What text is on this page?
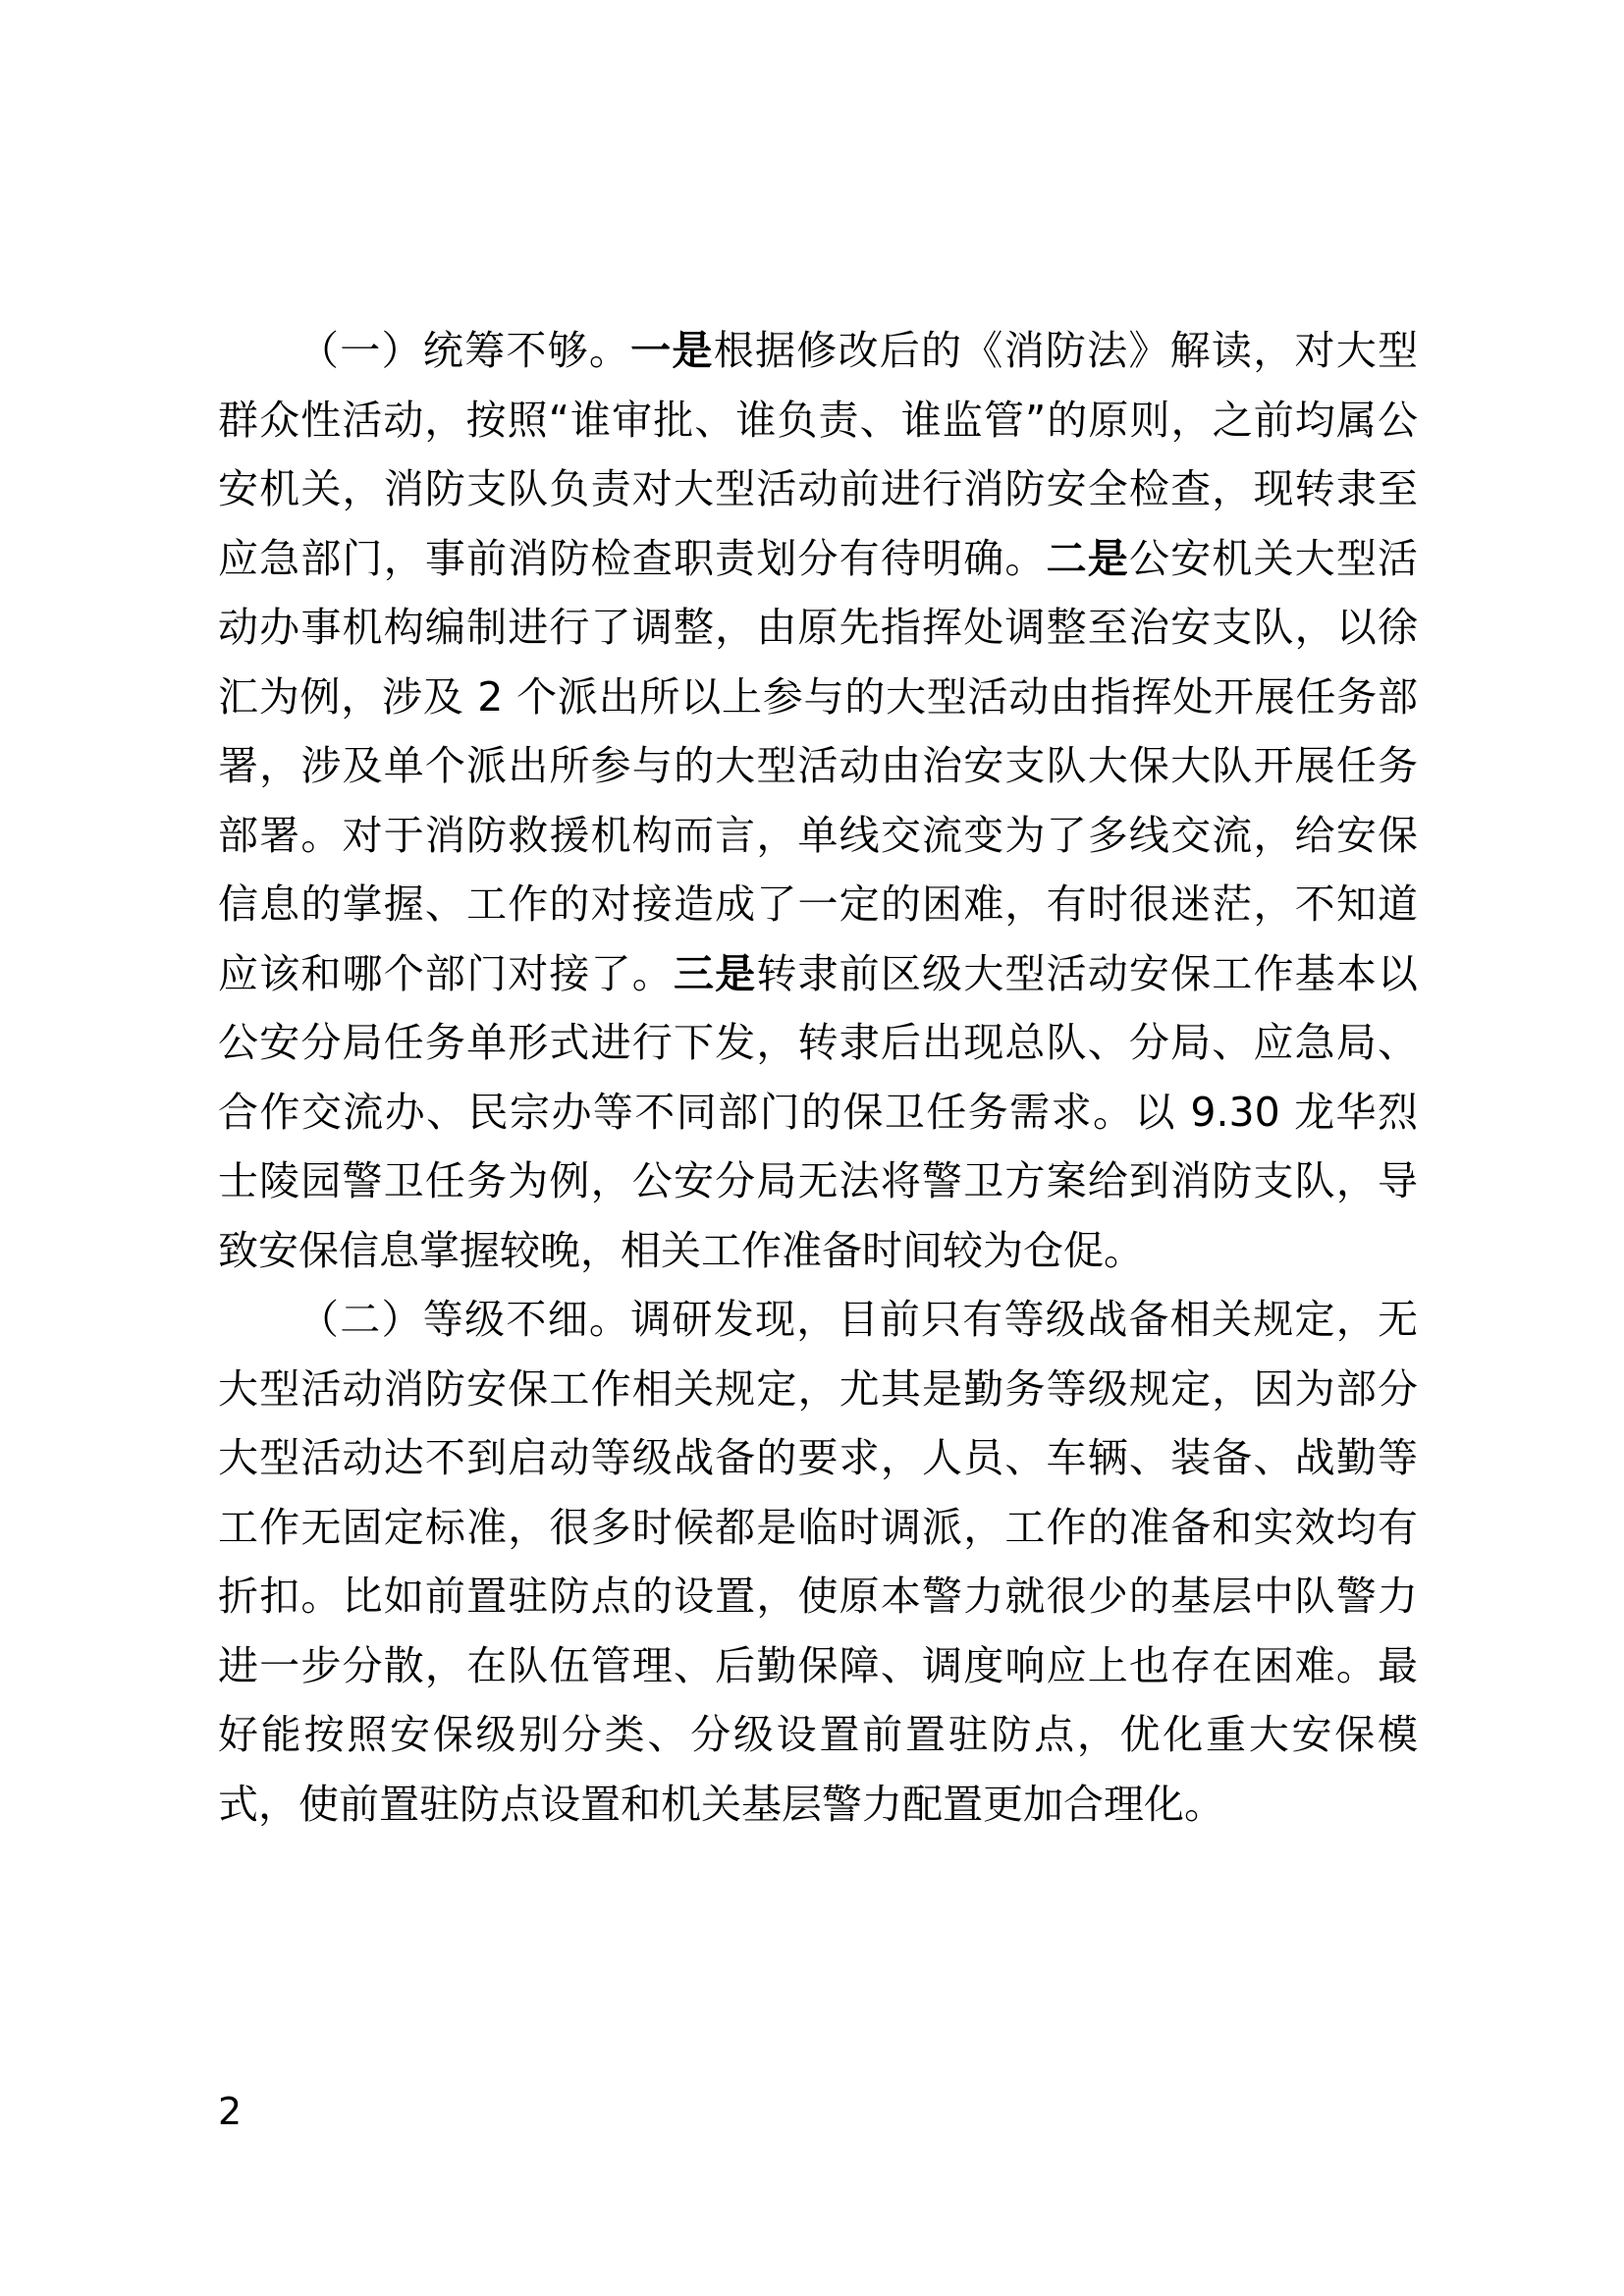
（一）统筹不够。一是根据修改后的《消防法》解读，对大型群众性活动，按照“谁审批、谁负责、谁监管”的原则，之前均属公安机关，消防支队负责对大型活动前进行消防安全检查，现转隶至应急部门，事前消防检查职责划分有待明确。二是公安机关大型活动办事机构编制进行了调整，由原先指挥处调整至治安支队，以徐汇为例，涉及 2 个派出所以上参与的大型活动由指挥处开展任务部署，涉及单个派出所参与的大型活动由治安支队大保大队开展任务部署。对于消防救援机构而言，单线交流变为了多线交流，给安保信息的掌握、工作的对接造成了一定的困难，有时很迷茫，不知道应该和哪个部门对接了。三是转隶前区级大型活动安保工作基本以公安分局任务单形式进行下发，转隶后出现总队、分局、应急局、合作交流办、民宗办等不同部门的保卫任务需求。以 9.30 龙华烈士陵园警卫任务为例，公安分局无法将警卫方案给到消防支队，导致安保信息掌握较晚，相关工作准备时间较为仓促。

（二）等级不细。调研发现，目前只有等级战备相关规定，无大型活动消防安保工作相关规定，尤其是勤务等级规定，因为部分大型活动达不到启动等级战备的要求，人员、车辆、装备、战勤等工作无固定标准，很多时候都是临时调派，工作的准备和实效均有折扣。比如前置驻防点的设置，使原本警力就很少的基层中队警力进一步分散，在队伍管理、后勤保障、调度响应上也存在困难。最好能按照安保级别分类、分级设置前置驻防点，优化重大安保模式，使前置驻防点设置和机关基层警力配置更加合理化。

2
